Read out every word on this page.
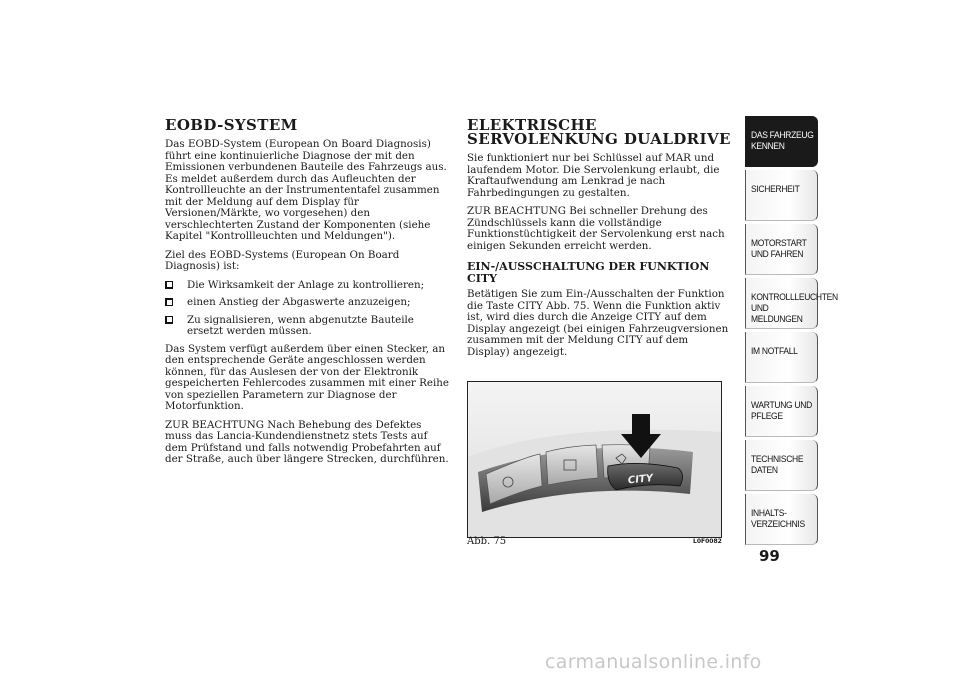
EOBD-SYSTEM

Das EOBD-System (European On Board Diagnosis) führt eine kontinuierliche Diagnose der mit den Emissionen verbundenen Bauteile des Fahrzeugs aus. Es meldet außerdem durch das Aufleuchten der Kontrollleuchte an der Instrumententafel zusammen mit der Meldung auf dem Display für Versionen/Märkte, wo vorgesehen) den verschlechterten Zustand der Komponenten (siehe Kapitel "Kontrollleuchten und Meldungen").

Ziel des EOBD-Systems (European On Board Diagnosis) ist:

Die Wirksamkeit der Anlage zu kontrollieren;

einen Anstieg der Abgaswerte anzuzeigen;

Zu signalisieren, wenn abgenutzte Bauteile ersetzt werden müssen.

Das System verfügt außerdem über einen Stecker, an den entsprechende Geräte angeschlossen werden können, für das Auslesen der von der Elektronik gespeicherten Fehlercodes zusammen mit einer Reihe von speziellen Parametern zur Diagnose der Motorfunktion.

ZUR BEACHTUNG Nach Behebung des Defektes muss das Lancia-Kundendienstnetz stets Tests auf dem Prüfstand und falls notwendig Probefahrten auf der Straße, auch über längere Strecken, durchführen.

ELEKTRISCHE SERVOLENKUNG DUALDRIVE

Sie funktioniert nur bei Schlüssel auf MAR und laufendem Motor. Die Servolenkung erlaubt, die Kraftaufwendung am Lenkrad je nach Fahrbedingungen zu gestalten.

ZUR BEACHTUNG Bei schneller Drehung des Zündschlüssels kann die vollständige Funktionstüchtigkeit der Servolenkung erst nach einigen Sekunden erreicht werden.

EIN-/AUSSCHALTUNG DER FUNKTION CITY

Betätigen Sie zum Ein-/Ausschalten der Funktion die Taste CITY Abb. 75. Wenn die Funktion aktiv ist, wird dies durch die Anzeige CITY auf dem Display angezeigt (bei einigen Fahrzeugversionen zusammen mit der Meldung CITY auf dem Display) angezeigt.

CITY
Abb. 75	L0F0082
DAS FAHRZEUG KENNEN
SICHERHEIT
MOTORSTART UND FAHREN
KONTROLLLEUCHTEN UND MELDUNGEN
IM NOTFALL
WARTUNG UND PFLEGE
TECHNISCHE DATEN
INHALTS-VERZEICHNIS
99
carmanualsonline.info
